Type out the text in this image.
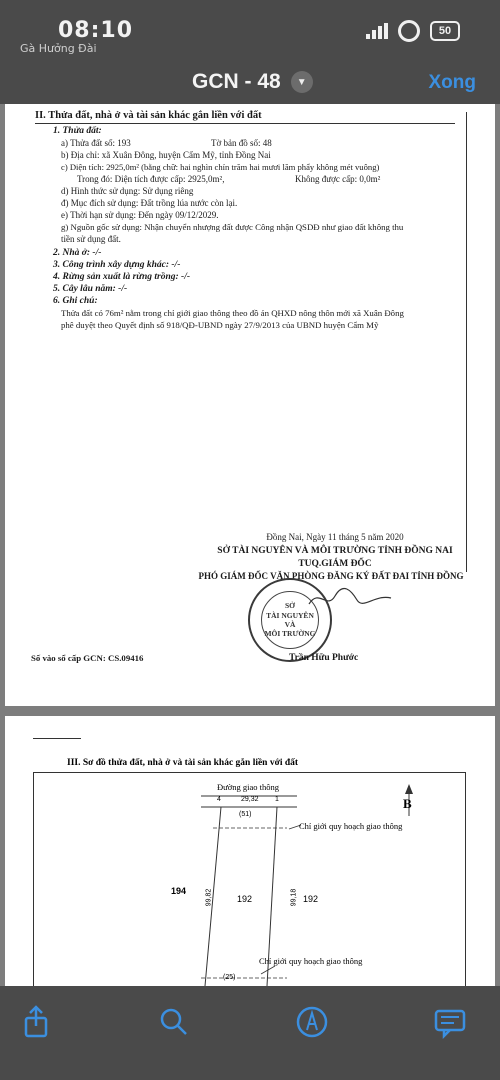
08:10
Gà Hưởng Đài
50
GCN - 48	▼	Xong
II. Thửa đất, nhà ở và tài sản khác gắn liền với đất
1. Thửa đất:
a) Thửa đất số: 193	Tờ bản đồ số: 48
b) Địa chỉ: xã Xuân Đông, huyện Cẩm Mỹ, tỉnh Đồng Nai
c) Diện tích: 2925,0m² (bằng chữ: hai nghìn chín trăm hai mươi lăm phẩy không mét vuông)
Trong đó: Diện tích được cấp: 2925,0m²,	Không được cấp: 0,0m²
d) Hình thức sử dụng: Sử dụng riêng
đ) Mục đích sử dụng: Đất trồng lúa nước còn lại.
e) Thời hạn sử dụng: Đến ngày 09/12/2029.
g) Nguồn gốc sử dụng: Nhận chuyển nhượng đất được Công nhận QSDĐ như giao đất không thu
tiền sử dụng đất.
2. Nhà ở: -/-
3. Công trình xây dựng khác: -/-
4. Rừng sản xuất là rừng trồng: -/-
5. Cây lâu năm: -/-
6. Ghi chú:
Thửa đất có 76m² nằm trong chỉ giới giao thông theo đồ án QHXD nông thôn mới xã Xuân Đông
phê duyệt theo Quyết định số 918/QĐ-UBND ngày 27/9/2013 của UBND huyện Cẩm Mỹ
Đồng Nai, Ngày 11 tháng 5 năm 2020
SỞ TÀI NGUYÊN VÀ MÔI TRƯỜNG TỈNH ĐỒNG NAI
TUQ.GIÁM ĐỐC
PHÓ GIÁM ĐỐC VĂN PHÒNG ĐĂNG KÝ ĐẤT ĐAI TỈNH ĐỒNG
SỞ
TÀI NGUYÊN
VÀ
MÔI TRƯỜNG
Số vào sổ cấp GCN: CS.09416	Trần Hữu Phước
III. Sơ đồ thửa đất, nhà ở và tài sản khác gắn liền với đất
Đường giao thông
4	29,32 1
(51)
Chỉ giới quy hoạch giao thông
99,82	99,18
192
194
192
Chỉ giới quy hoạch giao thông
(25)
B
